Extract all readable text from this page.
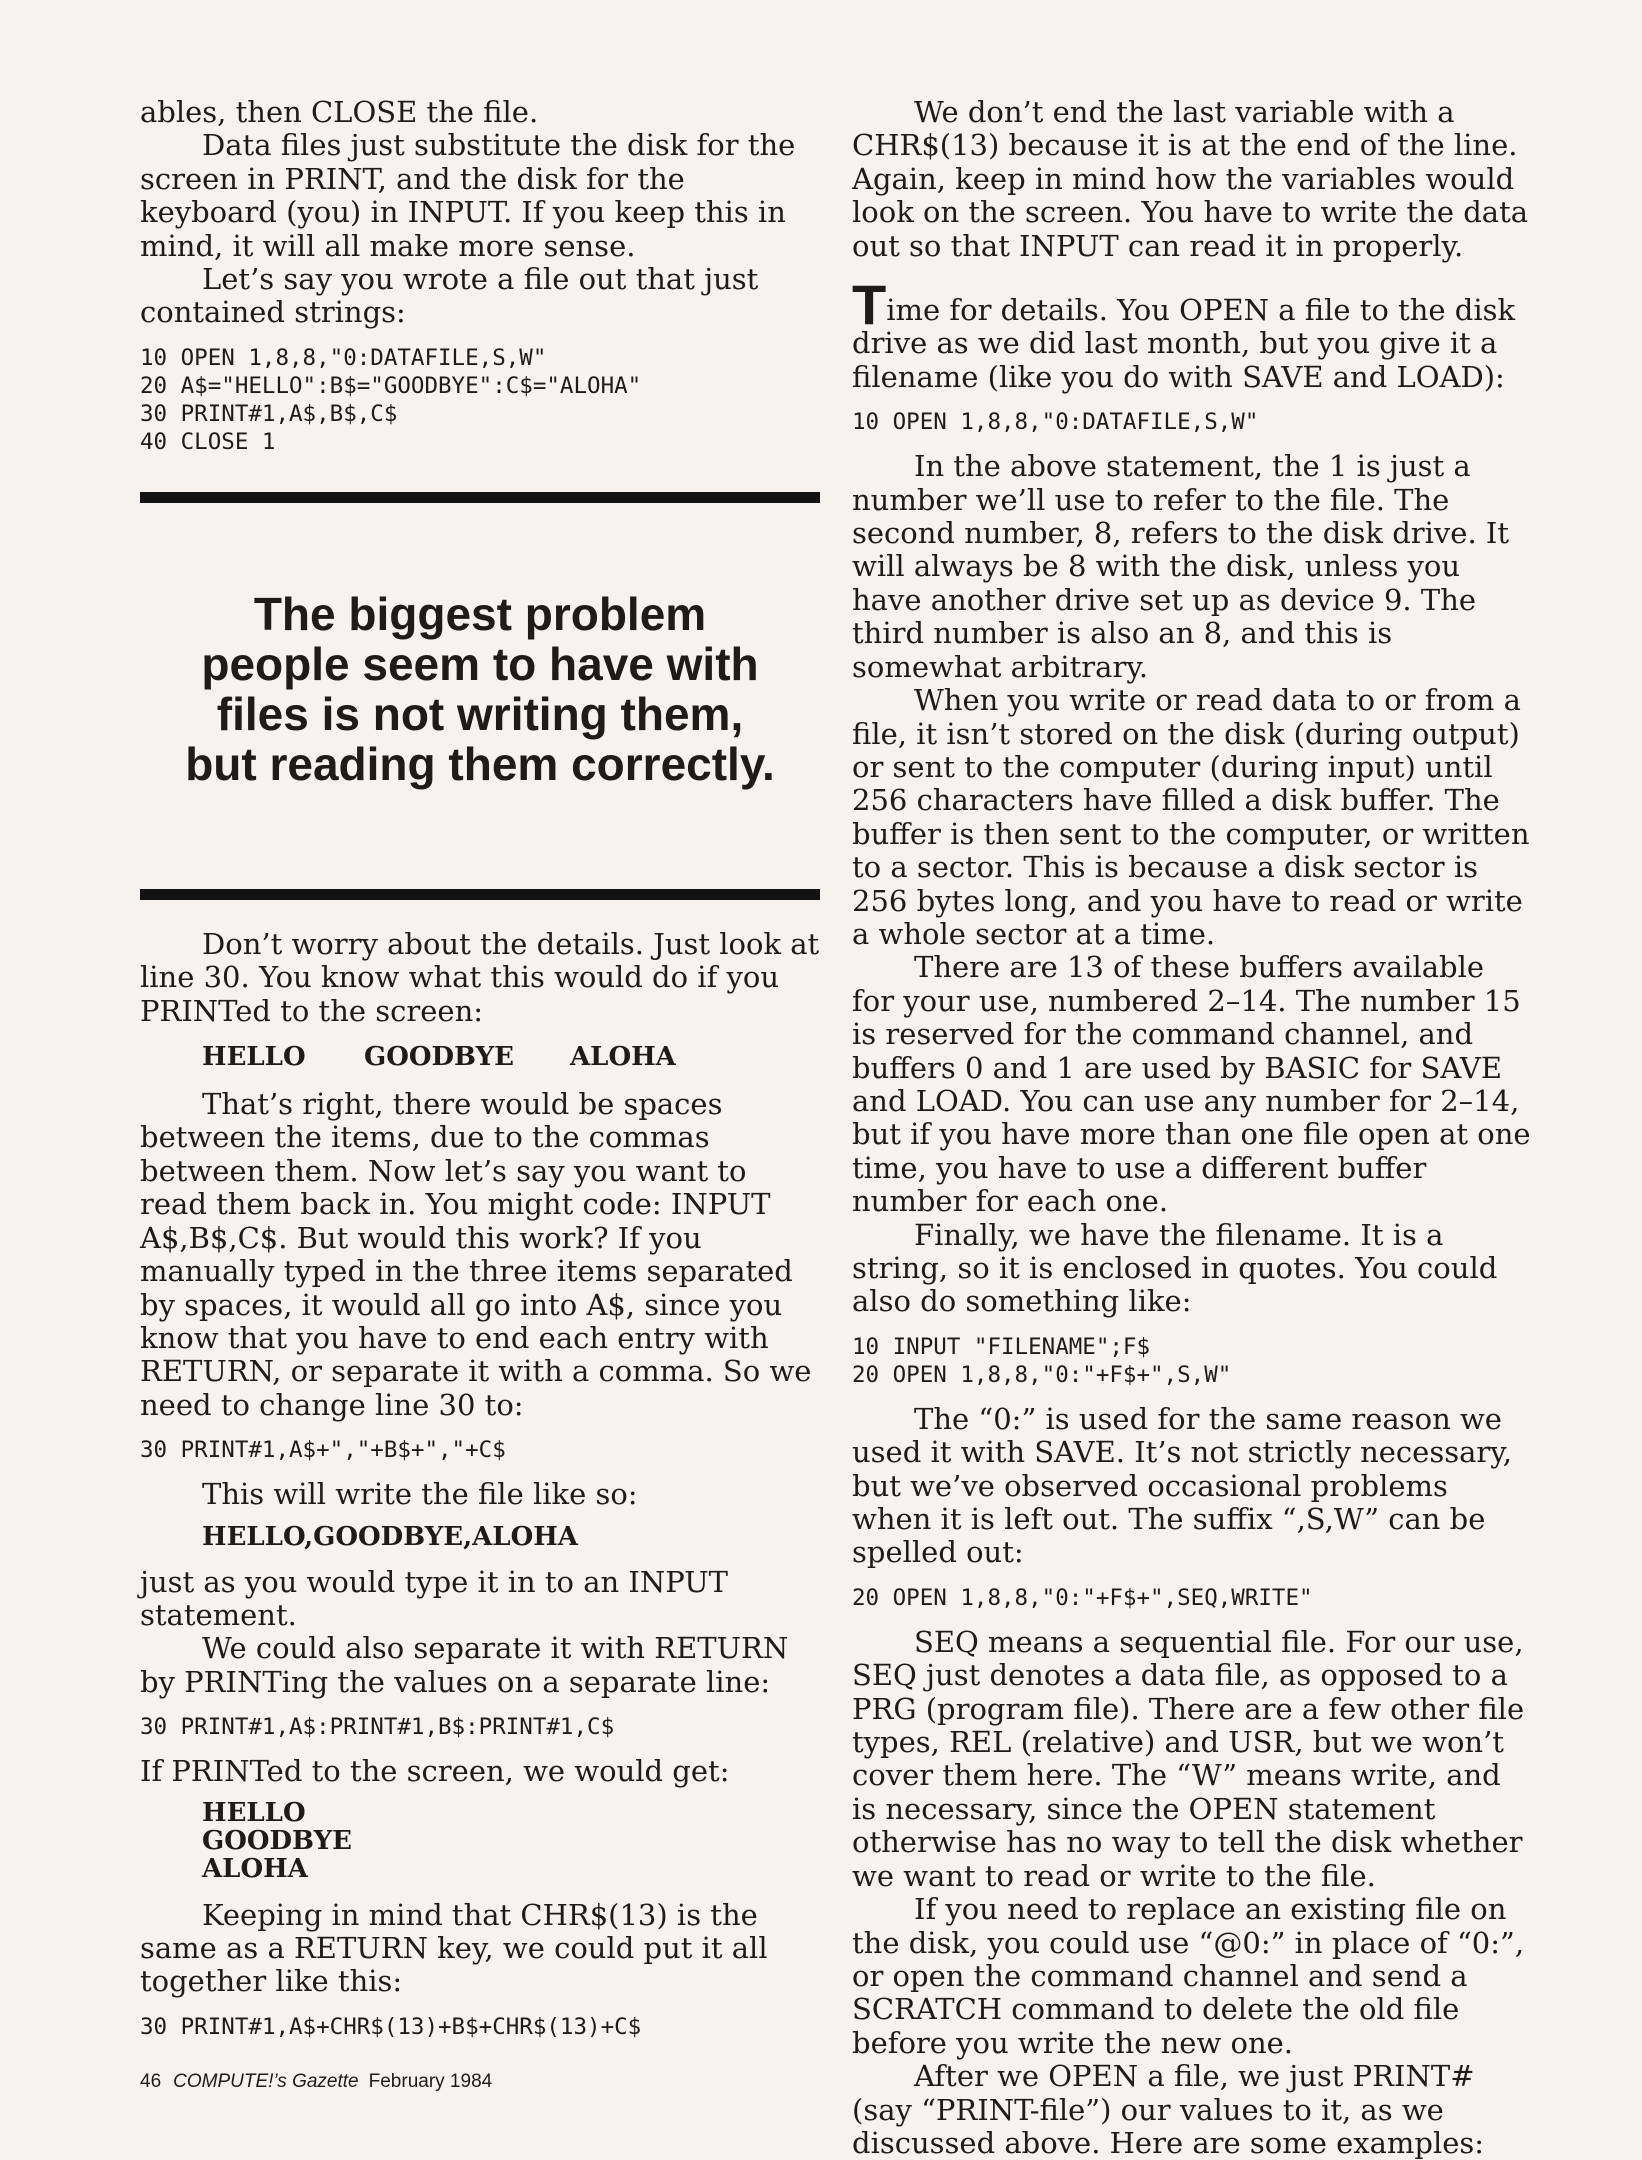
ables, then CLOSE the file.

Data files just substitute the disk for the screen in PRINT, and the disk for the keyboard (you) in INPUT. If you keep this in mind, it will all make more sense.

Let’s say you wrote a file out that just contained strings:

10 OPEN 1,8,8,"0:DATAFILE,S,W"
20 A$="HELLO":B$="GOODBYE":C$="ALOHA"
30 PRINT#1,A$,B$,C$
40 CLOSE 1
The biggest problem
people seem to have with
files is not writing them,
but reading them correctly.

Don’t worry about the details. Just look at line 30. You know what this would do if you PRINTed to the screen:

HELLO	GOODBYE	ALOHA

That’s right, there would be spaces between the items, due to the commas between them. Now let’s say you want to read them back in. You might code: INPUT A$,B$,C$. But would this work? If you manually typed in the three items separated by spaces, it would all go into A$, since you know that you have to end each entry with RETURN, or separate it with a comma. So we need to change line 30 to:

30 PRINT#1,A$+","+B$+","+C$

This will write the file like so:

HELLO,GOODBYE,ALOHA

just as you would type it in to an INPUT statement.

We could also separate it with RETURN by PRINTing the values on a separate line:

30 PRINT#1,A$:PRINT#1,B$:PRINT#1,C$

If PRINTed to the screen, we would get:

HELLO
GOODBYE
ALOHA

Keeping in mind that CHR$(13) is the same as a RETURN key, we could put it all together like this:

30 PRINT#1,A$+CHR$(13)+B$+CHR$(13)+C$

We don’t end the last variable with a CHR$(13) because it is at the end of the line. Again, keep in mind how the variables would look on the screen. You have to write the data out so that INPUT can read it in properly.

Time for details. You OPEN a file to the disk drive as we did last month, but you give it a filename (like you do with SAVE and LOAD):

10 OPEN 1,8,8,"0:DATAFILE,S,W"

In the above statement, the 1 is just a number we’ll use to refer to the file. The second number, 8, refers to the disk drive. It will always be 8 with the disk, unless you have another drive set up as device 9. The third number is also an 8, and this is somewhat arbitrary.

When you write or read data to or from a file, it isn’t stored on the disk (during output) or sent to the computer (during input) until 256 characters have filled a disk buffer. The buffer is then sent to the computer, or written to a sector. This is because a disk sector is 256 bytes long, and you have to read or write a whole sector at a time.

There are 13 of these buffers available for your use, numbered 2–14. The number 15 is reserved for the command channel, and buffers 0 and 1 are used by BASIC for SAVE and LOAD. You can use any number for 2–14, but if you have more than one file open at one time, you have to use a different buffer number for each one.

Finally, we have the filename. It is a string, so it is enclosed in quotes. You could also do something like:

10 INPUT "FILENAME";F$
20 OPEN 1,8,8,"0:"+F$+",S,W"

The “0:” is used for the same reason we used it with SAVE. It’s not strictly necessary, but we’ve observed occasional problems when it is left out. The suffix “,S,W” can be spelled out:

20 OPEN 1,8,8,"0:"+F$+",SEQ,WRITE"

SEQ means a sequential file. For our use, SEQ just denotes a data file, as opposed to a PRG (program file). There are a few other file types, REL (relative) and USR, but we won’t cover them here. The “W” means write, and is necessary, since the OPEN statement otherwise has no way to tell the disk whether we want to read or write to the file.

If you need to replace an existing file on the disk, you could use “@0:” in place of “0:”, or open the command channel and send a SCRATCH command to delete the old file before you write the new one.

After we OPEN a file, we just PRINT# (say “PRINT-file”) our values to it, as we discussed above. Here are some examples:

46 COMPUTE!’s Gazette February 1984
